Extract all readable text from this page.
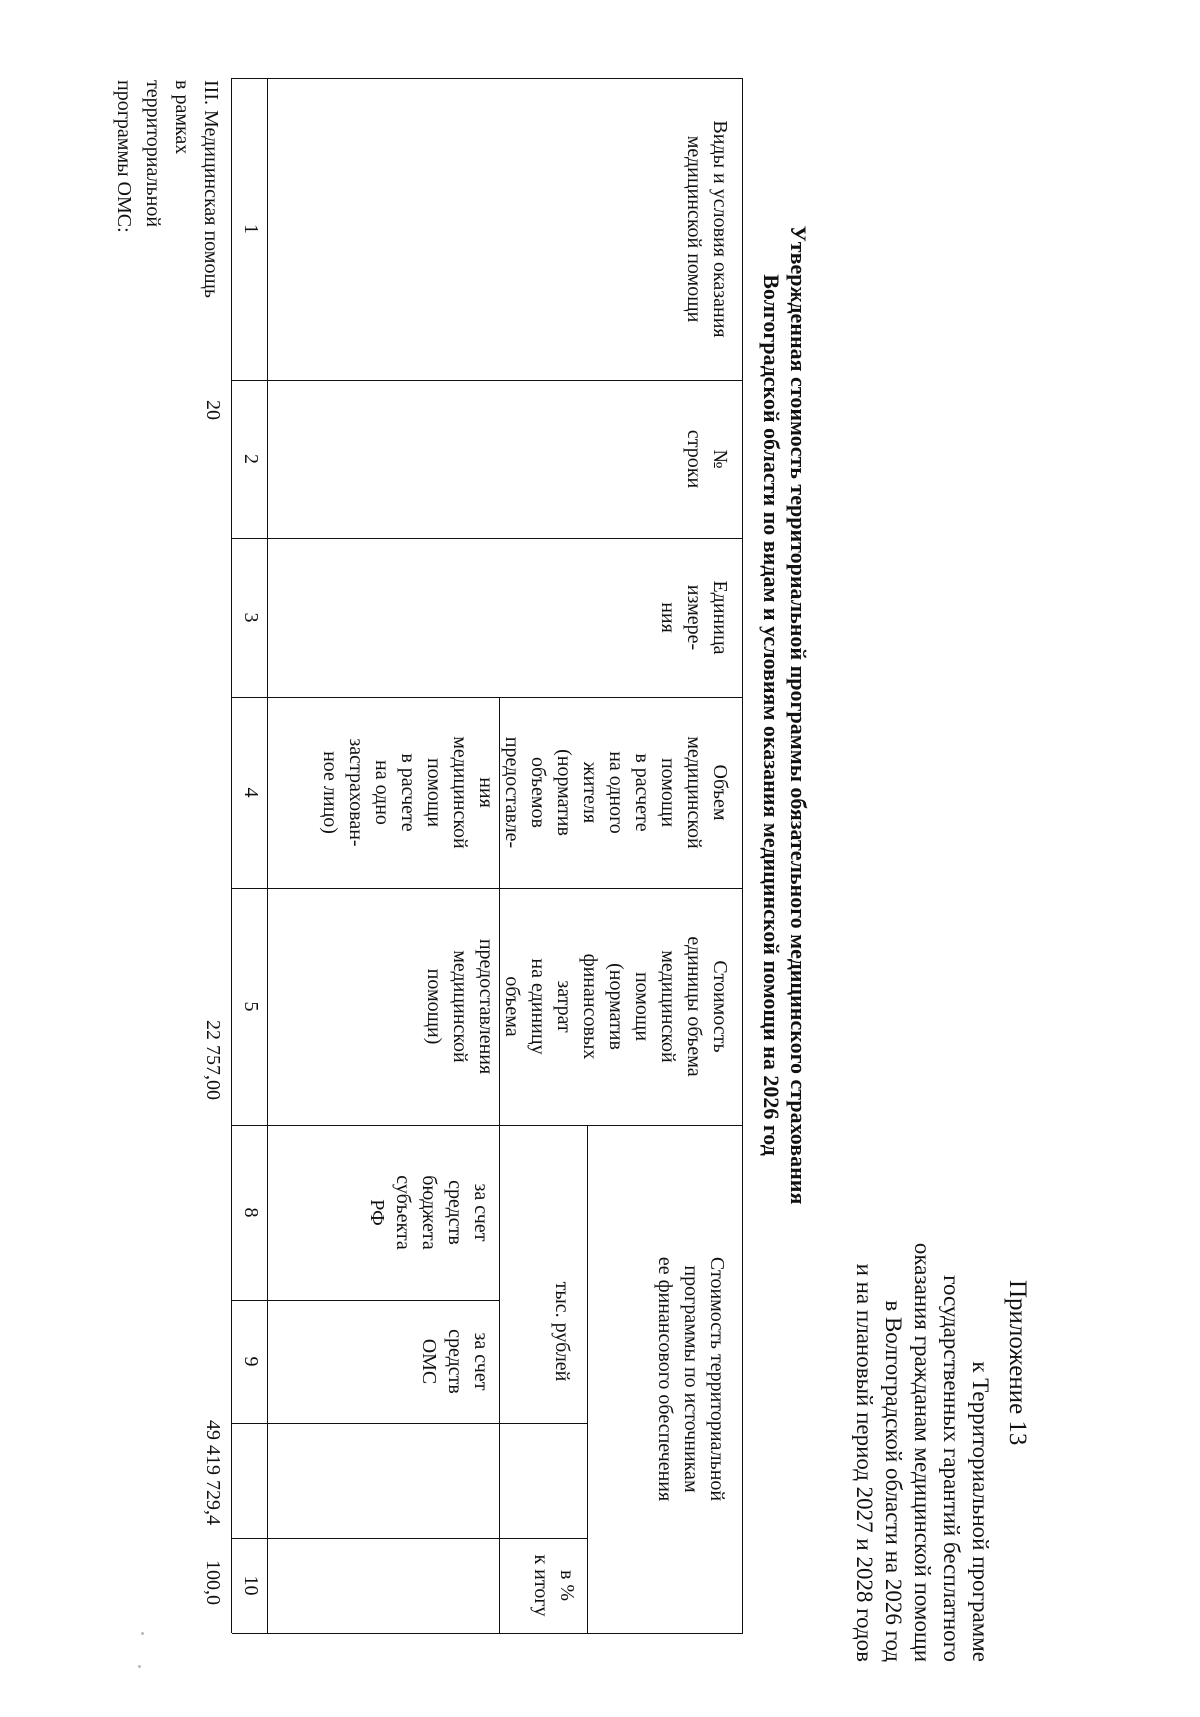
Приложение 13
к Территориальной программе
государственных гарантий бесплатного
оказания гражданам медицинской помощи
в Волгоградской области на 2026 год
и на плановый период 2027 и 2028 годов
Утвержденная стоимость территориальной программы обязательного медицинского страхования
Волгоградской области по видам и условиям оказания медицинской помощи на 2026 год
Виды и условия оказания медицинской помощи
№
строки
Единица
измере-
ния
Объем
медицинской
помощи
в расчете
на одного
жителя
(норматив
объемов
предоставле-
ния
медицинской
помощи
в расчете
на одно
застрахован-
ное лицо)
Стоимость
единицы объема
медицинской
помощи
(норматив
финансовых
затрат
на единицу
объема
предоставления
медицинской
помощи)
Стоимость территориальной
программы по источникам
ее финансового обеспечения
тыс. рублей
в %
к итогу
за счет
средств
бюджета
субъекта
РФ
за счет
средств
ОМС
1
2
3
4
5
8
9
10
III. Медицинская помощь
в рамках
территориальной
программы ОМС:
20
22 757,00
49 419 729,4
100,0
